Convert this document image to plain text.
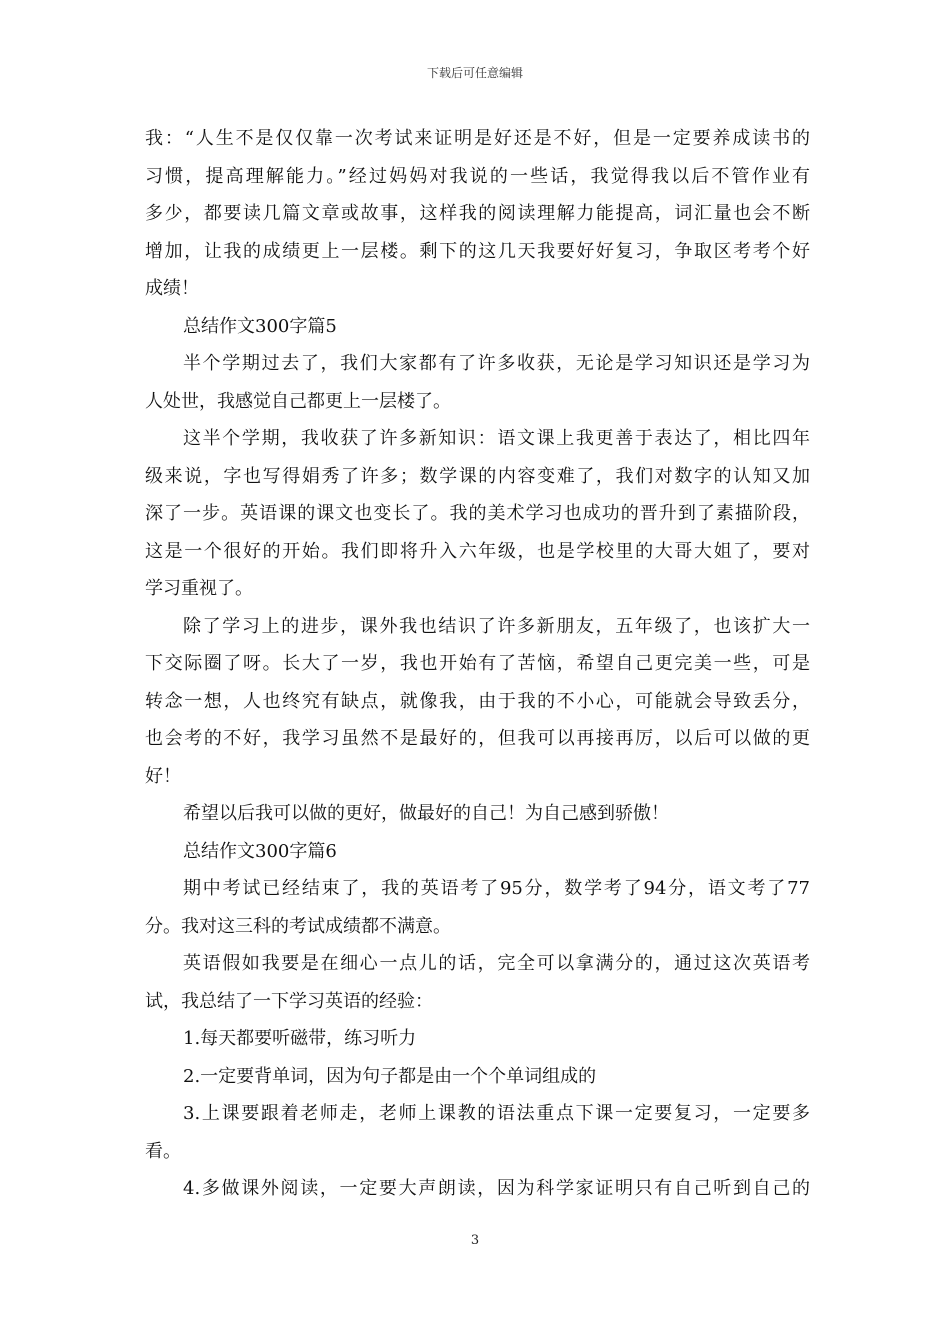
下载后可任意编辑
我：“人生不是仅仅靠一次考试来证明是好还是不好，但是一定要养成读书的
习惯，提高理解能力。”经过妈妈对我说的一些话，我觉得我以后不管作业有
多少，都要读几篇文章或故事，这样我的阅读理解力能提高，词汇量也会不断
增加，让我的成绩更上一层楼。剩下的这几天我要好好复习，争取区考考个好
成绩！
总结作文300字篇5
半个学期过去了，我们大家都有了许多收获，无论是学习知识还是学习为
人处世，我感觉自己都更上一层楼了。
这半个学期，我收获了许多新知识：语文课上我更善于表达了，相比四年
级来说，字也写得娟秀了许多；数学课的内容变难了，我们对数字的认知又加
深了一步。英语课的课文也变长了。我的美术学习也成功的晋升到了素描阶段，
这是一个很好的开始。我们即将升入六年级，也是学校里的大哥大姐了，要对
学习重视了。
除了学习上的进步，课外我也结识了许多新朋友，五年级了，也该扩大一
下交际圈了呀。长大了一岁，我也开始有了苦恼，希望自己更完美一些，可是
转念一想，人也终究有缺点，就像我，由于我的不小心，可能就会导致丢分，
也会考的不好，我学习虽然不是最好的，但我可以再接再厉，以后可以做的更
好！
希望以后我可以做的更好，做最好的自己！为自己感到骄傲！
总结作文300字篇6
期中考试已经结束了，我的英语考了95分，数学考了94分，语文考了77
分。我对这三科的考试成绩都不满意。
英语假如我要是在细心一点儿的话，完全可以拿满分的，通过这次英语考
试，我总结了一下学习英语的经验：
1.每天都要听磁带，练习听力
2.一定要背单词，因为句子都是由一个个单词组成的
3.上课要跟着老师走，老师上课教的语法重点下课一定要复习，一定要多
看。
4.多做课外阅读，一定要大声朗读，因为科学家证明只有自己听到自己的
3
